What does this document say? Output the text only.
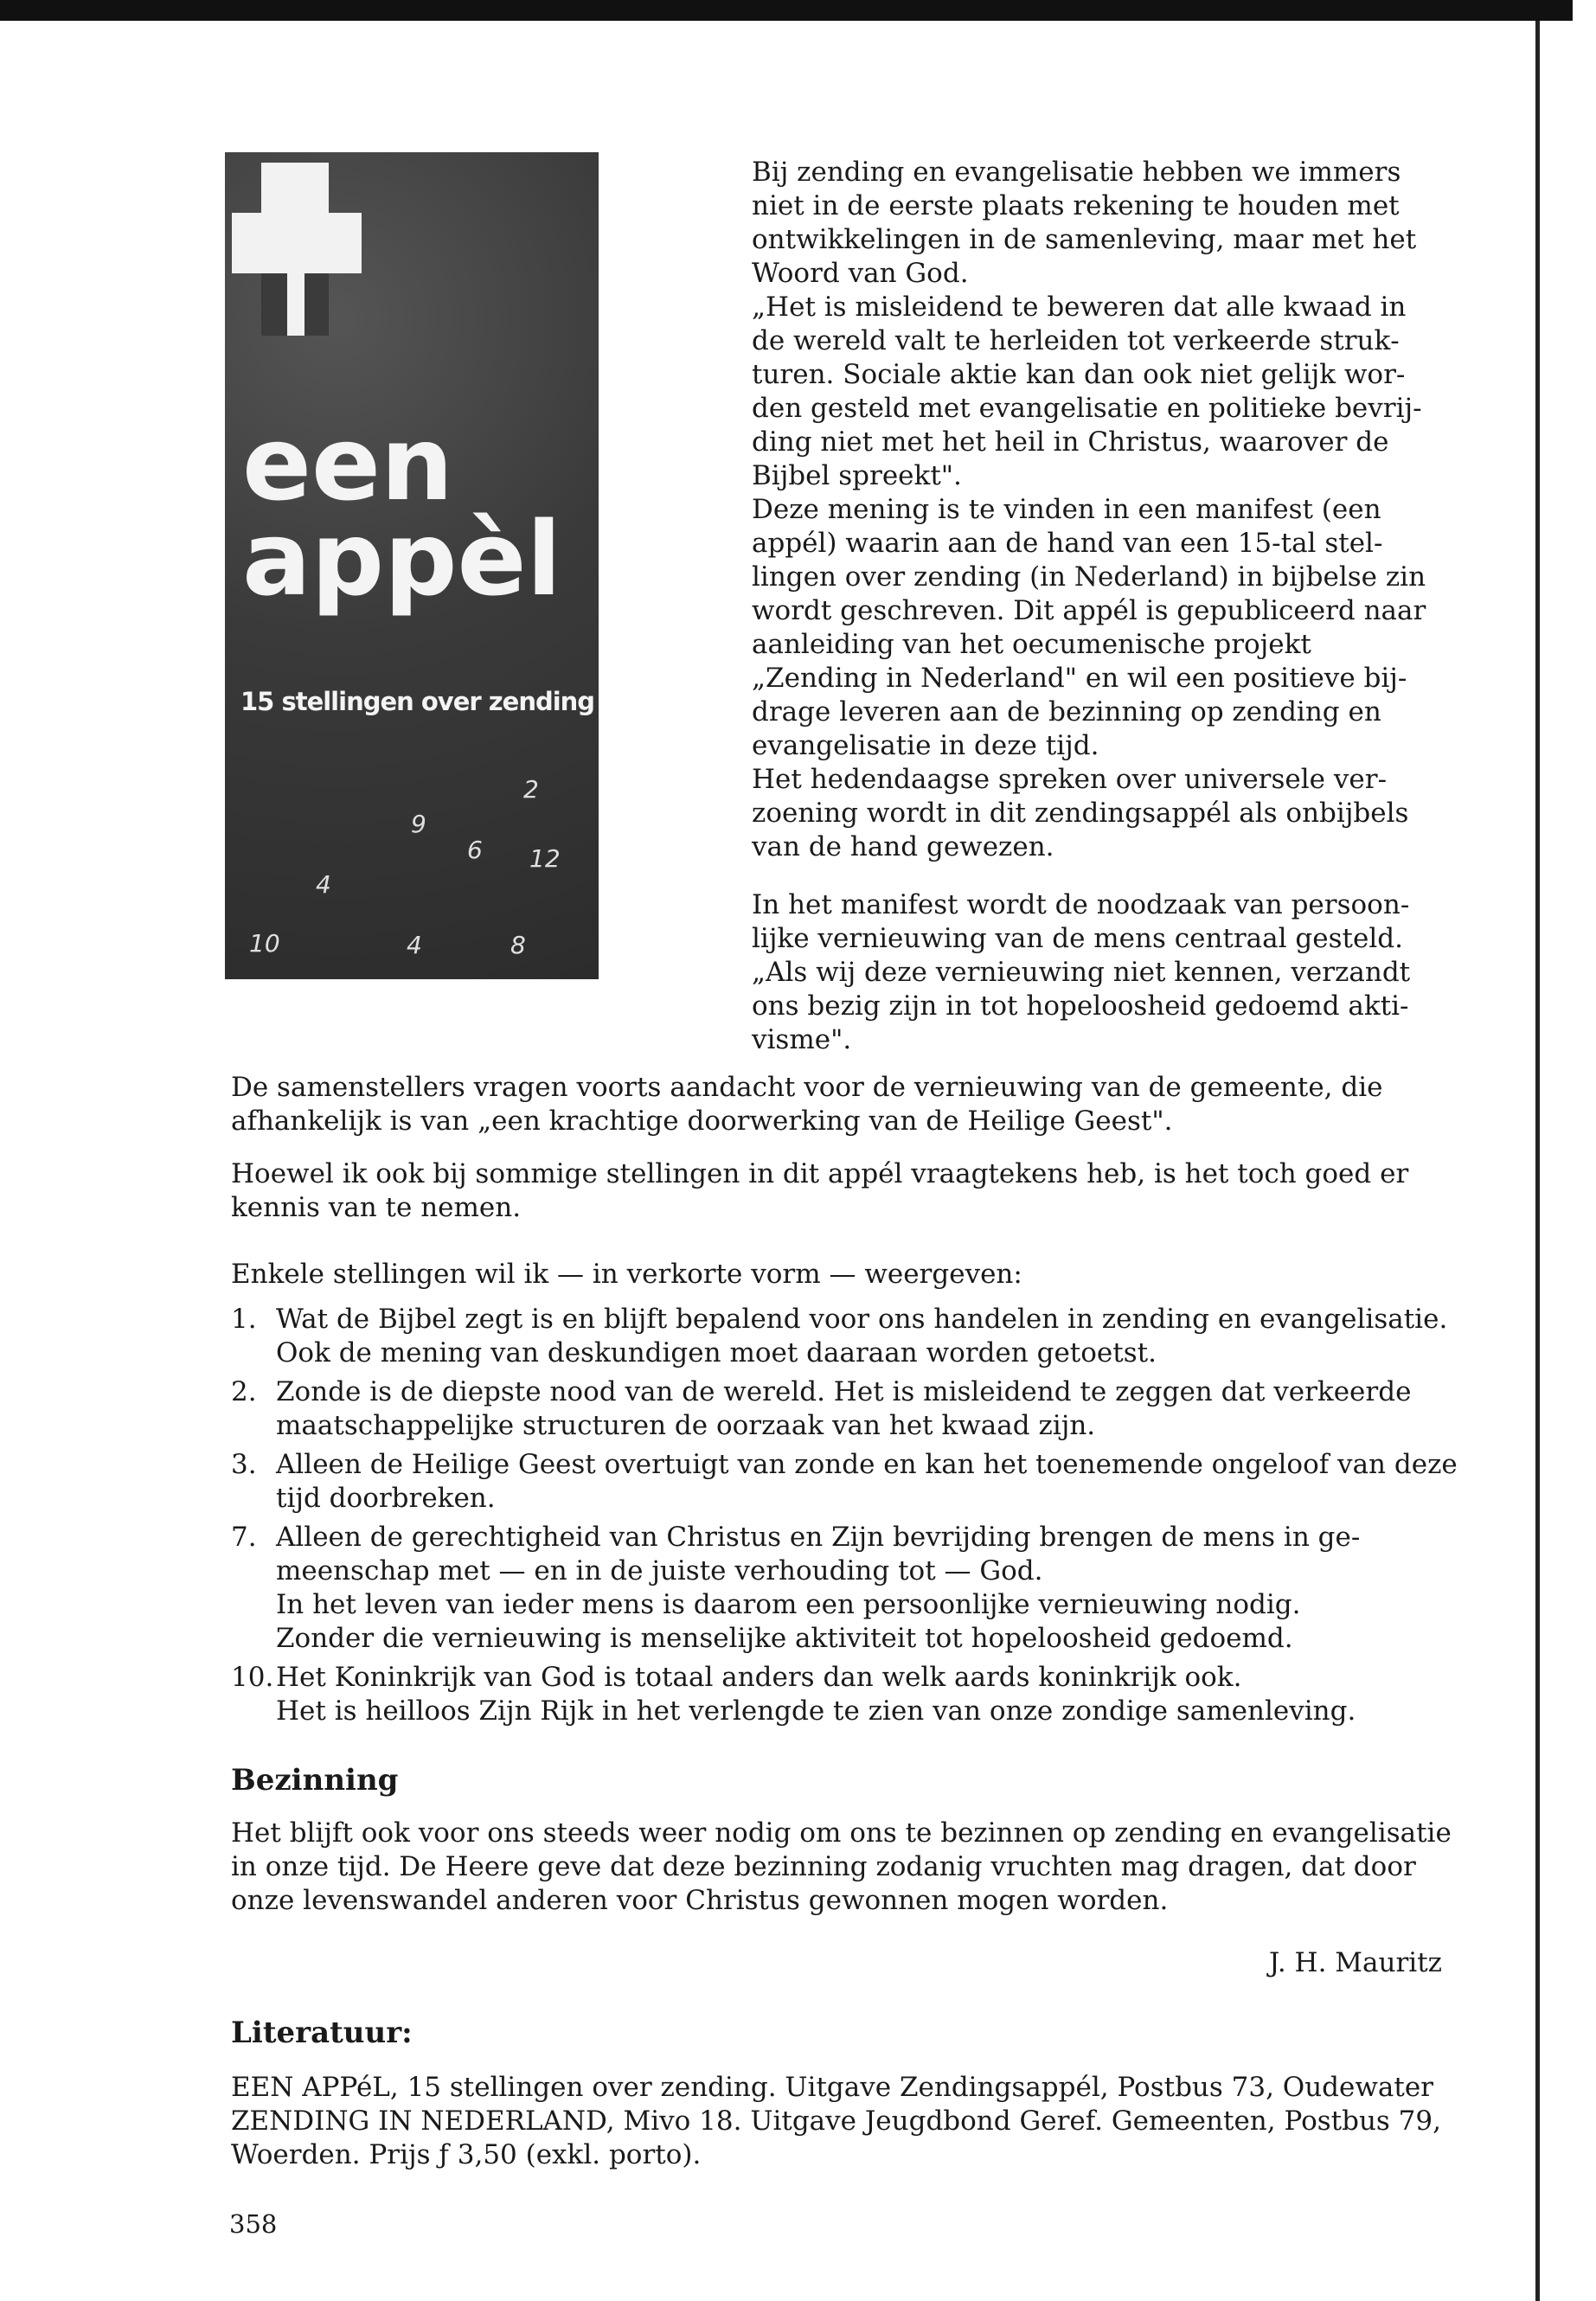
een
appèl
15 stellingen over zending
2
9
6 12
4
10	4	8

Bij zending en evangelisatie hebben we immers niet in de eerste plaats rekening te houden met ontwikkelingen in de samenleving, maar met het Woord van God.

„Het is misleidend te beweren dat alle kwaad in de wereld valt te herleiden tot verkeerde strukturen. Sociale aktie kan dan ook niet gelijk worden gesteld met evangelisatie en politieke bevrijding niet met het heil in Christus, waarover de Bijbel spreekt".

Deze mening is te vinden in een manifest (een appél) waarin aan de hand van een 15-tal stellingen over zending (in Nederland) in bijbelse zin wordt geschreven. Dit appél is gepubliceerd naar aanleiding van het oecumenische projekt „Zending in Nederland" en wil een positieve bijdrage leveren aan de bezinning op zending en evangelisatie in deze tijd.

Het hedendaagse spreken over universele verzoening wordt in dit zendingsappél als onbijbels van de hand gewezen.

In het manifest wordt de noodzaak van persoonlijke vernieuwing van de mens centraal gesteld. „Als wij deze vernieuwing niet kennen, verzandt ons bezig zijn in tot hopeloosheid gedoemd aktivisme".

De samenstellers vragen voorts aandacht voor de vernieuwing van de gemeente, die afhankelijk is van „een krachtige doorwerking van de Heilige Geest".

Hoewel ik ook bij sommige stellingen in dit appél vraagtekens heb, is het toch goed er kennis van te nemen.

Enkele stellingen wil ik — in verkorte vorm — weergeven:

1. Wat de Bijbel zegt is en blijft bepalend voor ons handelen in zending en evangelisatie. Ook de mening van deskundigen moet daaraan worden getoetst.
2. Zonde is de diepste nood van de wereld. Het is misleidend te zeggen dat verkeerde maatschappelijke structuren de oorzaak van het kwaad zijn.
3. Alleen de Heilige Geest overtuigt van zonde en kan het toenemende ongeloof van deze tijd doorbreken.
7. Alleen de gerechtigheid van Christus en Zijn bevrijding brengen de mens in gemeenschap met — en in de juiste verhouding tot — God.
In het leven van ieder mens is daarom een persoonlijke vernieuwing nodig.
Zonder die vernieuwing is menselijke aktiviteit tot hopeloosheid gedoemd.
10. Het Koninkrijk van God is totaal anders dan welk aards koninkrijk ook.
Het is heilloos Zijn Rijk in het verlengde te zien van onze zondige samenleving.
Bezinning

Het blijft ook voor ons steeds weer nodig om ons te bezinnen op zending en evangelisatie in onze tijd. De Heere geve dat deze bezinning zodanig vruchten mag dragen, dat door onze levenswandel anderen voor Christus gewonnen mogen worden.

J. H. Mauritz
Literatuur:

EEN APPéL, 15 stellingen over zending. Uitgave Zendingsappél, Postbus 73, Oudewater

ZENDING IN NEDERLAND, Mivo 18. Uitgave Jeugdbond Geref. Gemeenten, Postbus 79, Woerden. Prijs ƒ 3,50 (exkl. porto).

358
